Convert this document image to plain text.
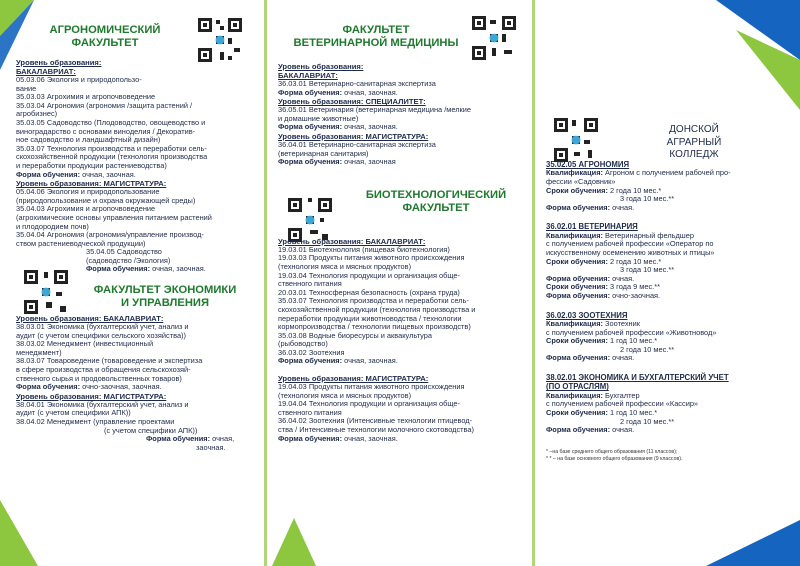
АГРОНОМИЧЕСКИЙ
ФАКУЛЬТЕТ
Уровень образования:
БАКАЛАВРИАТ:
05.03.06 Экология и природопользо-
вание
35.03.03 Агрохимия и агропочвоведение
35.03.04 Агрономия (агрономия /защита растений /
агробизнес)
35.03.05 Садоводство (Плодоводство, овощеводство и
виноградарство с основами виноделия / Декоратив-
ное садоводство и ландшафтный дизайн)
35.03.07 Технология производства и переработки сель-
скохозяйственной продукции (технология производства
и переработки продукции растениеводства)
Форма обучения: очная, заочная.
Уровень образования: МАГИСТРАТУРА:
05.04.06 Экология и природопользование
(природопользование и охрана окружающей среды)
35.04.03 Агрохимия и агропочвоведение
(агрохимические основы управления питанием растений
и плодородием почв)
35.04.04 Агрономия (агрономия/управление производ-
ством растениеводческой продукции)
35.04.05 Садоводство
(садоводство /Экология)
Форма обучения: очная, заочная.
ФАКУЛЬТЕТ ЭКОНОМИКИ
И УПРАВЛЕНИЯ
Уровень образования: БАКАЛАВРИАТ:
38.03.01 Экономика (бухгалтерский учет, анализ и
аудит (с учетом специфики сельского хозяйства))
38.03.02 Менеджмент (инвестиционный
менеджмент)
38.03.07 Товароведение (товароведение и экспертиза
в сфере производства и обращения сельскохозяй-
ственного сырья и продовольственных товаров)
Форма обучения: очно-заочная, заочная.
Уровень образования: МАГИСТРАТУРА:
38.04.01 Экономика (бухгалтерский учет, анализ и
аудит (с учетом специфики АПК))
38.04.02 Менеджмент (управление проектами
(с учетом специфики АПК))
Форма обучения: очная,
заочная.
ФАКУЛЬТЕТ
ВЕТЕРИНАРНОЙ МЕДИЦИНЫ
Уровень образования:
БАКАЛАВРИАТ:
36.03.01 Ветеринарно-санитарная экспертиза
Форма обучения: очная, заочная.
Уровень образования: СПЕЦИАЛИТЕТ:
36.05.01 Ветеринария (ветеринарная медицина /мелкие
и домашние животные)
Форма обучения: очная, заочная.
Уровень образования: МАГИСТРАТУРА:
36.04.01 Ветеринарно-санитарная экспертиза
(ветеринарная санитария)
Форма обучения: очная, заочная
БИОТЕХНОЛОГИЧЕСКИЙ
ФАКУЛЬТЕТ
Уровень образования: БАКАЛАВРИАТ:
19.03.01 Биотехнология (пищевая биотехнология)
19.03.03 Продукты питания животного происхождения
(технология мяса и мясных продуктов)
19.03.04 Технология продукции и организация обще-
ственного питания
20.03.01 Техносферная безопасность (охрана труда)
35.03.07 Технология производства и переработки сель-
скохозяйственной продукции (технология производства и
переработки продукции животноводства / технологии
кормопроизводства / технологии пищевых производств)
35.03.08 Водные биоресурсы и аквакультура
(рыбоводство)
36.03.02 Зоотехния
Форма обучения: очная, заочная.
Уровень образования: МАГИСТРАТУРА:
19.04.03 Продукты питания животного происхождения
(технология мяса и мясных продуктов)
19.04.04 Технология продукции и организация обще-
ственного питания
36.04.02 Зоотехния (Интенсивные технологии птицевод-
ства / Интенсивные технологии молочного скотоводства)
Форма обучения: очная, заочная.
ДОНСКОЙ
АГРАРНЫЙ
КОЛЛЕДЖ
35.02.05 АГРОНОМИЯ
Квалификация: Агроном с получением рабочей про-
фессии «Садовник»
Сроки обучения: 2 года 10 мес.*
3 года 10 мес.**
Форма обучения: очная.
36.02.01 ВЕТЕРИНАРИЯ
Квалификация: Ветеринарный фельдшер
с получением рабочей профессии «Оператор по
искусственному осеменению животных и птицы»
Сроки обучения: 2 года 10 мес.*
3 года 10 мес.**
Форма обучения: очная.
Сроки обучения: 3 года 9 мес.**
Форма обучения: очно-заочная.
36.02.03 ЗООТЕХНИЯ
Квалификация: Зоотехник
с получением рабочей профессии «Животновод»
Сроки обучения: 1 год 10 мес.*
2 года 10 мес.**
Форма обучения: очная.
38.02.01 ЭКОНОМИКА И БУХГАЛТЕРСКИЙ УЧЕТ
(ПО ОТРАСЛЯМ)
Квалификация: Бухгалтер
с получением рабочей профессии «Кассир»
Сроки обучения: 1 год 10 мес.*
2 года 10 мес.**
Форма обучения: очная.
* –на базе среднего общего образования (11 классов);
* * – на базе основного общего образования (9 классов).
